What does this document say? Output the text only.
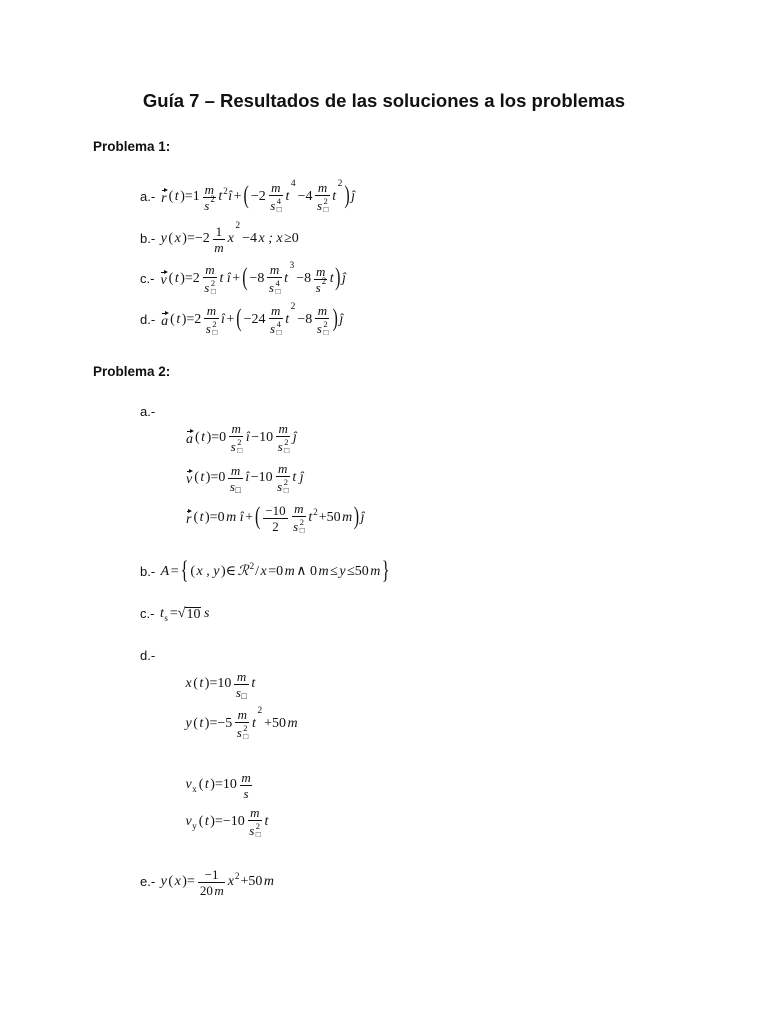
Guía 7 – Resultados de las soluciones a los problemas
Problema 1:
a.- r ( t )$=1 \frac{m}{s 2}$ t 2 î + ( −2 m
s 4
□ t
4
−4 m
s 2
□ t
2 ) ĵ
b.- y ( x )$=-2 \frac{1}{m}$ x
2
−4 x ; x ≥0
c.- v ( t )=2 m
s 2
□ t î + ( −8 m
s 4
□ t
3
$-8 \frac{m}{s 2}$ t ) ĵ
d.- a ( t )=2 m
s 2
□ î + ( −24 m
s 4
□ t
2
−8 m
s 2
□ ) ĵ
Problema 2:
a.-
a ( t )=0 m
s 2
□ î −10 m
s 2
□ ĵ
v ( t )$=0 \frac{m}{s □}$ î −10 m
s 2
□ t ĵ
r ( t )=0 m î + ( $\frac{-10}{2}$ m
s 2
□ t 2 +50 m ) ĵ
b.- A = { ( x , y )∈ ℛ 2 / x =0 m ∧ 0 m ≤ y ≤50 m }
c.- t s =√ 10 s
d.-
x ( t )$=10 \frac{m}{s □}$ t
y ( t )=−5 m
s 2
□ t
2
+50 m
v x ( t )$=10 \frac{m}{s}$
v y ( t )=−10 m
s 2
□ t
e.- y ( x )= $\frac{-1}{20 m}$ x 2 +50 m
